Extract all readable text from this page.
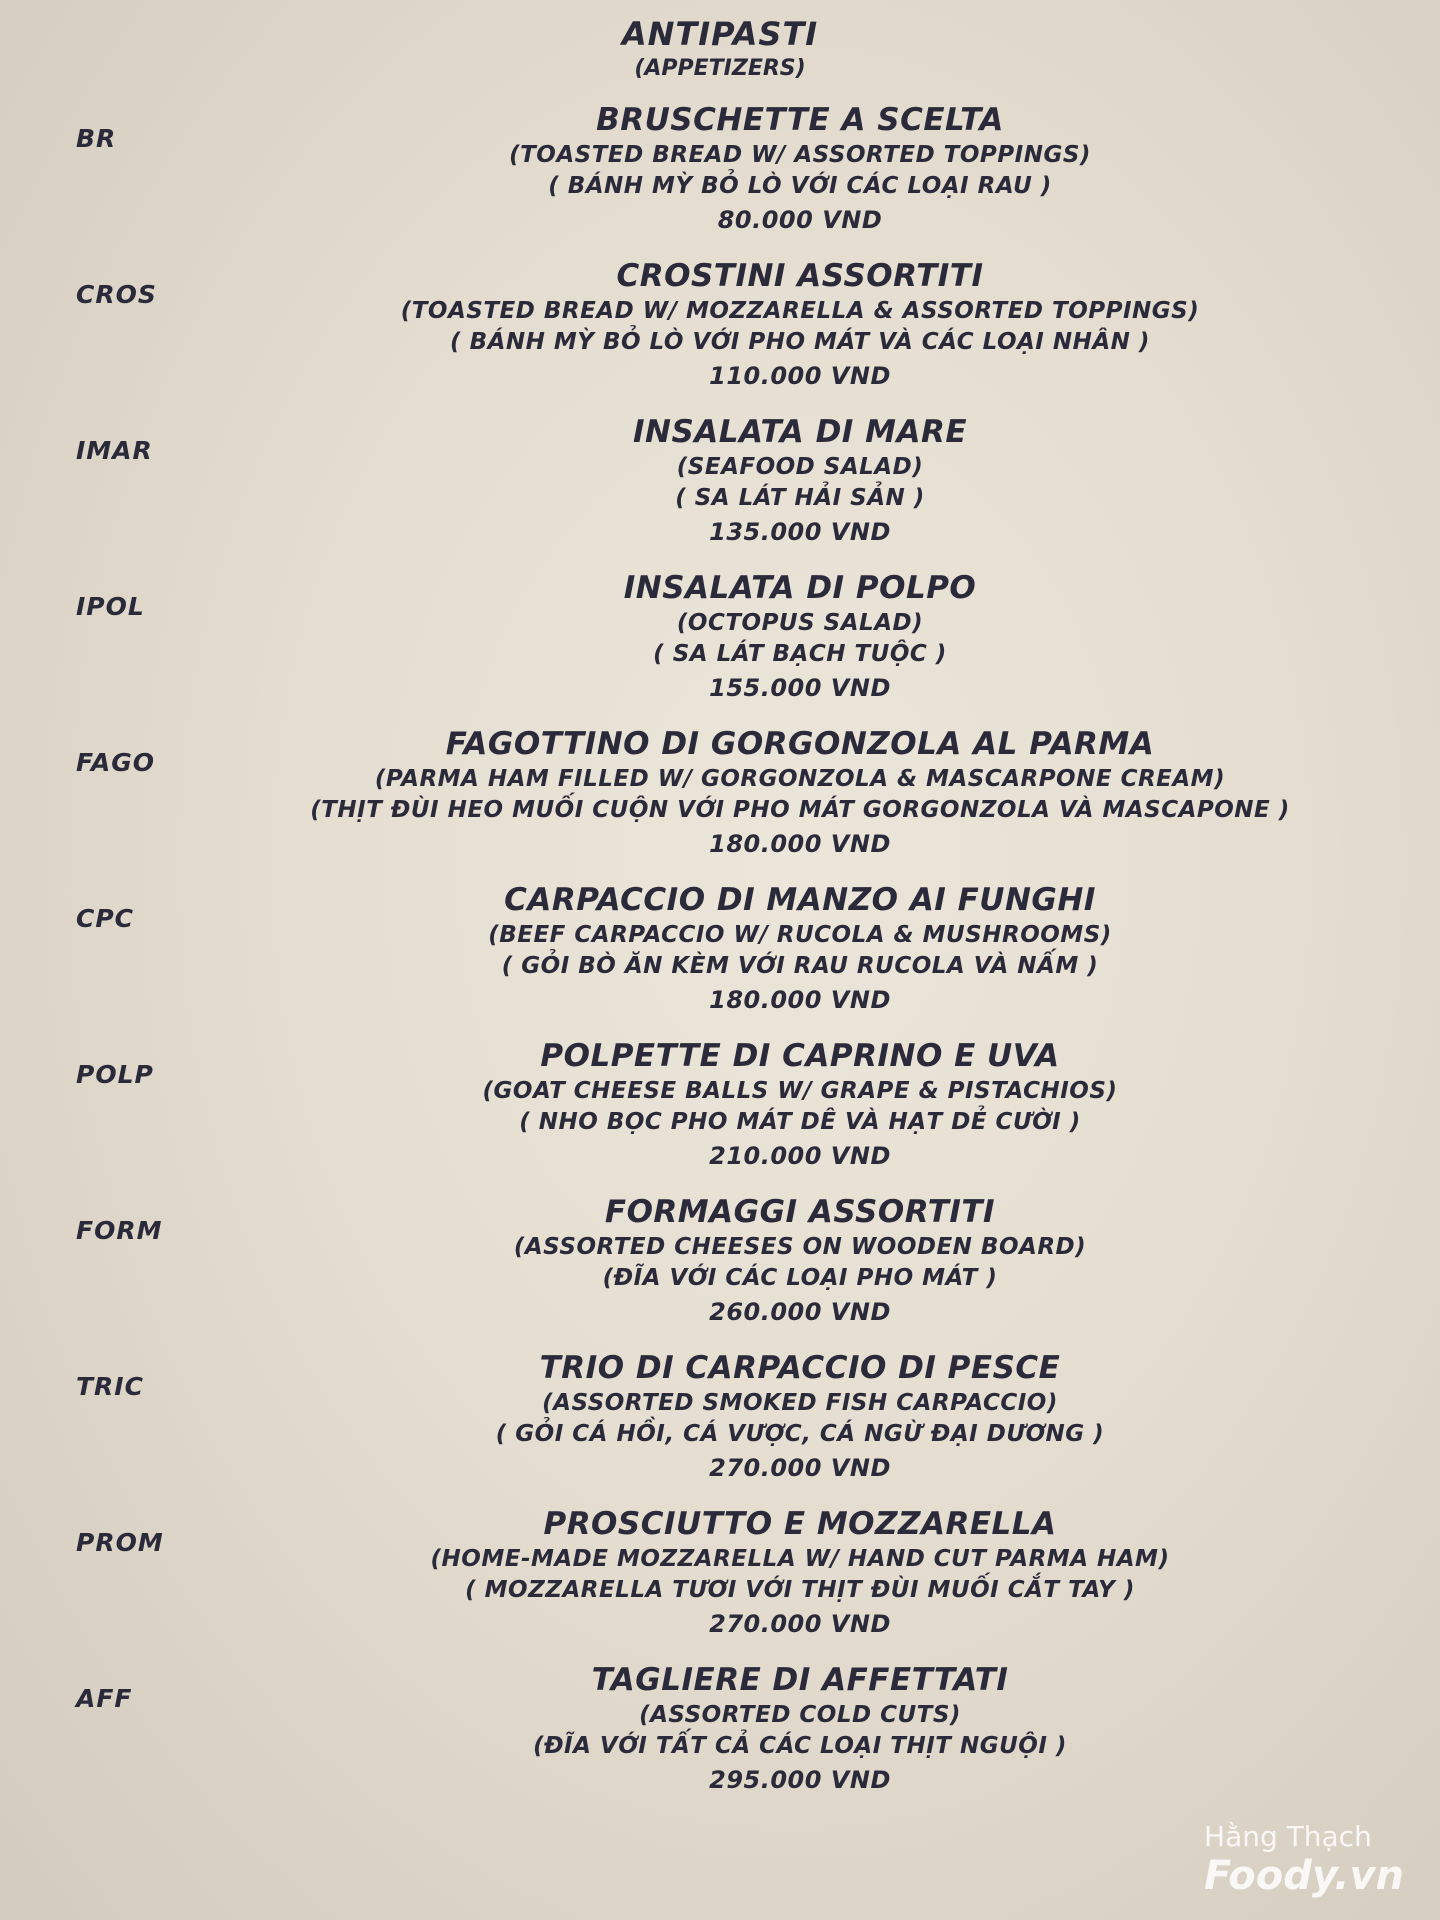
ANTIPASTI
(APPETIZERS)
BR
BRUSCHETTE A SCELTA
(TOASTED BREAD W/ ASSORTED TOPPINGS)
( BÁNH MỲ BỎ LÒ VỚI CÁC LOẠI RAU )
80.000 VND
CROS
CROSTINI ASSORTITI
(TOASTED BREAD W/ MOZZARELLA & ASSORTED TOPPINGS)
( BÁNH MỲ BỎ LÒ VỚI PHO MÁT VÀ CÁC LOẠI NHÂN )
110.000 VND
IMAR
INSALATA DI MARE
(SEAFOOD SALAD)
( SA LÁT HẢI SẢN )
135.000 VND
IPOL
INSALATA DI POLPO
(OCTOPUS SALAD)
( SA LÁT BẠCH TUỘC )
155.000 VND
FAGO
FAGOTTINO DI GORGONZOLA AL PARMA
(PARMA HAM FILLED W/ GORGONZOLA & MASCARPONE CREAM)
(THỊT ĐÙI HEO MUỐI CUỘN VỚI PHO MÁT GORGONZOLA VÀ MASCAPONE )
180.000 VND
CPC
CARPACCIO DI MANZO AI FUNGHI
(BEEF CARPACCIO W/ RUCOLA & MUSHROOMS)
( GỎI BÒ ĂN KÈM VỚI RAU RUCOLA VÀ NẤM )
180.000 VND
POLP
POLPETTE DI CAPRINO E UVA
(GOAT CHEESE BALLS W/ GRAPE & PISTACHIOS)
( NHO BỌC PHO MÁT DÊ VÀ HẠT DẺ CƯỜI )
210.000 VND
FORM
FORMAGGI ASSORTITI
(ASSORTED CHEESES ON WOODEN BOARD)
(ĐĨA VỚI CÁC LOẠI PHO MÁT )
260.000 VND
TRIC
TRIO DI CARPACCIO DI PESCE
(ASSORTED SMOKED FISH CARPACCIO)
( GỎI CÁ HỒI, CÁ VƯỢC, CÁ NGỪ ĐẠI DƯƠNG )
270.000 VND
PROM
PROSCIUTTO E MOZZARELLA
(HOME-MADE MOZZARELLA W/ HAND CUT PARMA HAM)
( MOZZARELLA TƯƠI VỚI THỊT ĐÙI MUỐI CẮT TAY )
270.000 VND
AFF
TAGLIERE DI AFFETTATI
(ASSORTED COLD CUTS)
(ĐĨA VỚI TẤT CẢ CÁC LOẠI THỊT NGUỘI )
295.000 VND
Hằng Thạch
Foody.vn
